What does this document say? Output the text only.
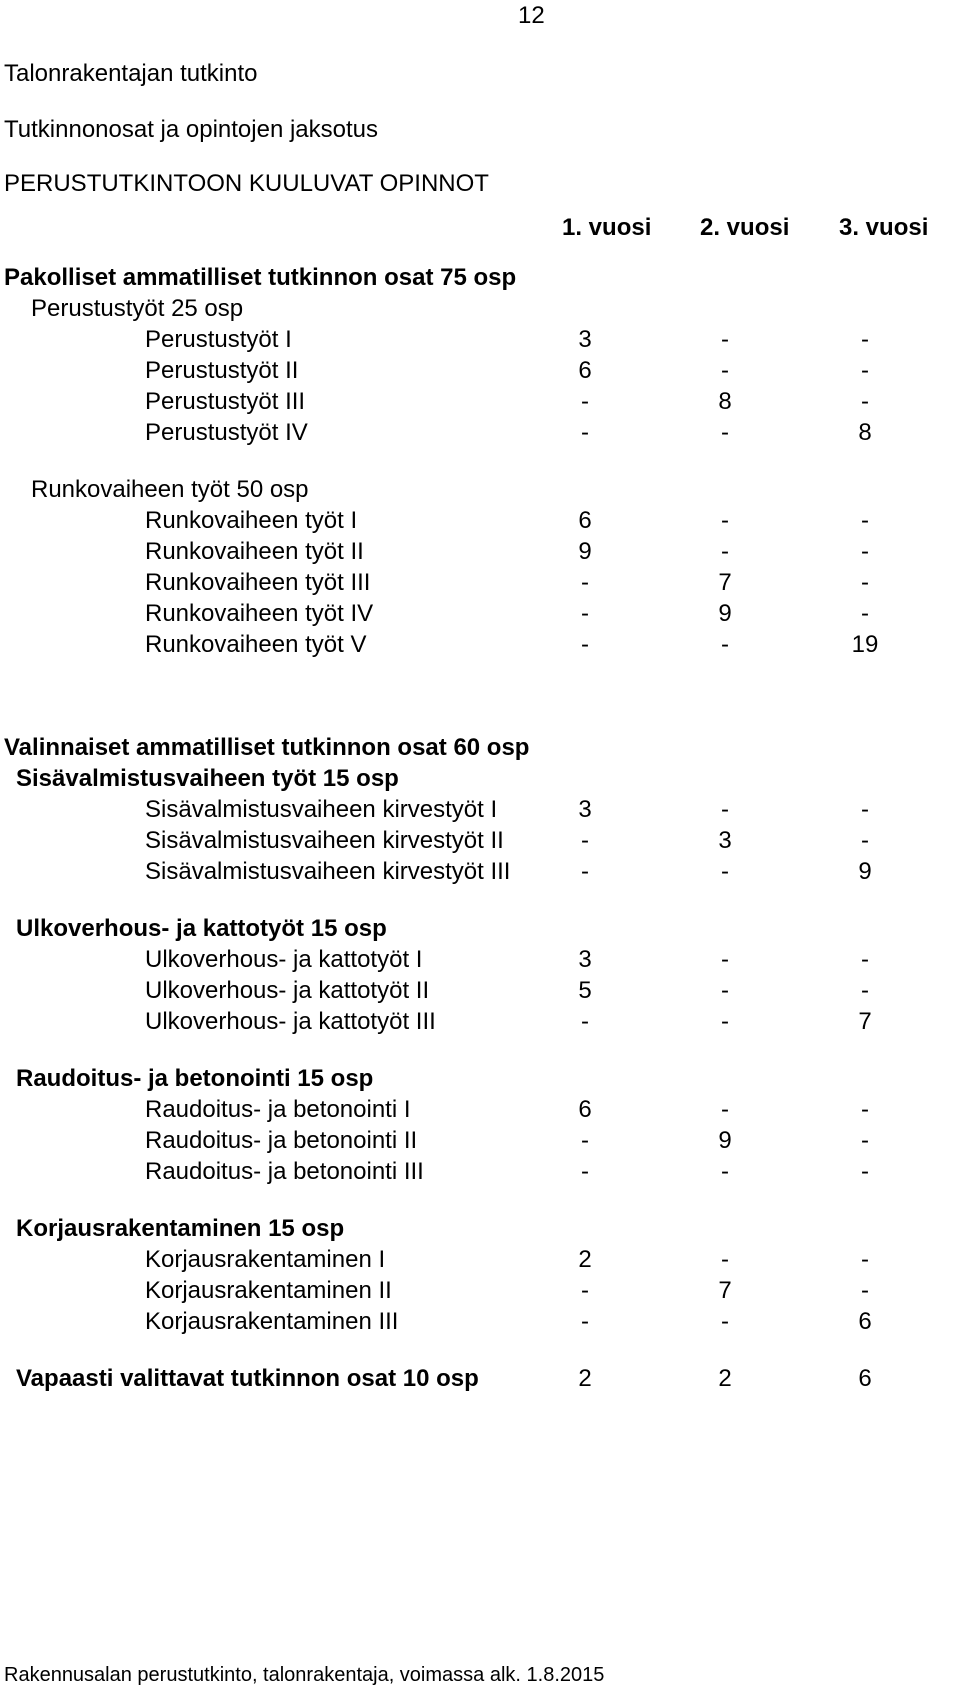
12
Talonrakentajan tutkinto
Tutkinnonosat ja opintojen jaksotus
PERUSTUTKINTOON KUULUVAT OPINNOT
1. vuosi 2. vuosi 3. vuosi
Pakolliset ammatilliset tutkinnon osat 75 osp
Perustustyöt 25 osp
Perustustyöt I	3	-	-
Perustustyöt II	6	-	-
Perustustyöt III	-	8	-
Perustustyöt IV	-	-	8
Runkovaiheen työt 50 osp
Runkovaiheen työt I	6	-	-
Runkovaiheen työt II	9	-	-
Runkovaiheen työt III	-	7	-
Runkovaiheen työt IV	-	9	-
Runkovaiheen työt V	-	-	19
Valinnaiset ammatilliset tutkinnon osat 60 osp
Sisävalmistusvaiheen työt 15 osp
Sisävalmistusvaiheen kirvestyöt I	3	-	-
Sisävalmistusvaiheen kirvestyöt II	-	3	-
Sisävalmistusvaiheen kirvestyöt III	-	-	9
Ulkoverhous- ja kattotyöt 15 osp
Ulkoverhous- ja kattotyöt I	3	-	-
Ulkoverhous- ja kattotyöt II	5	-	-
Ulkoverhous- ja kattotyöt III	-	-	7
Raudoitus- ja betonointi 15 osp
Raudoitus- ja betonointi I	6	-	-
Raudoitus- ja betonointi II	-	9	-
Raudoitus- ja betonointi III	-	-	-
Korjausrakentaminen 15 osp
Korjausrakentaminen I	2	-	-
Korjausrakentaminen II	-	7	-
Korjausrakentaminen III	-	-	6
Vapaasti valittavat tutkinnon osat 10 osp	2	2	6
Rakennusalan perustutkinto, talonrakentaja, voimassa alk. 1.8.2015
